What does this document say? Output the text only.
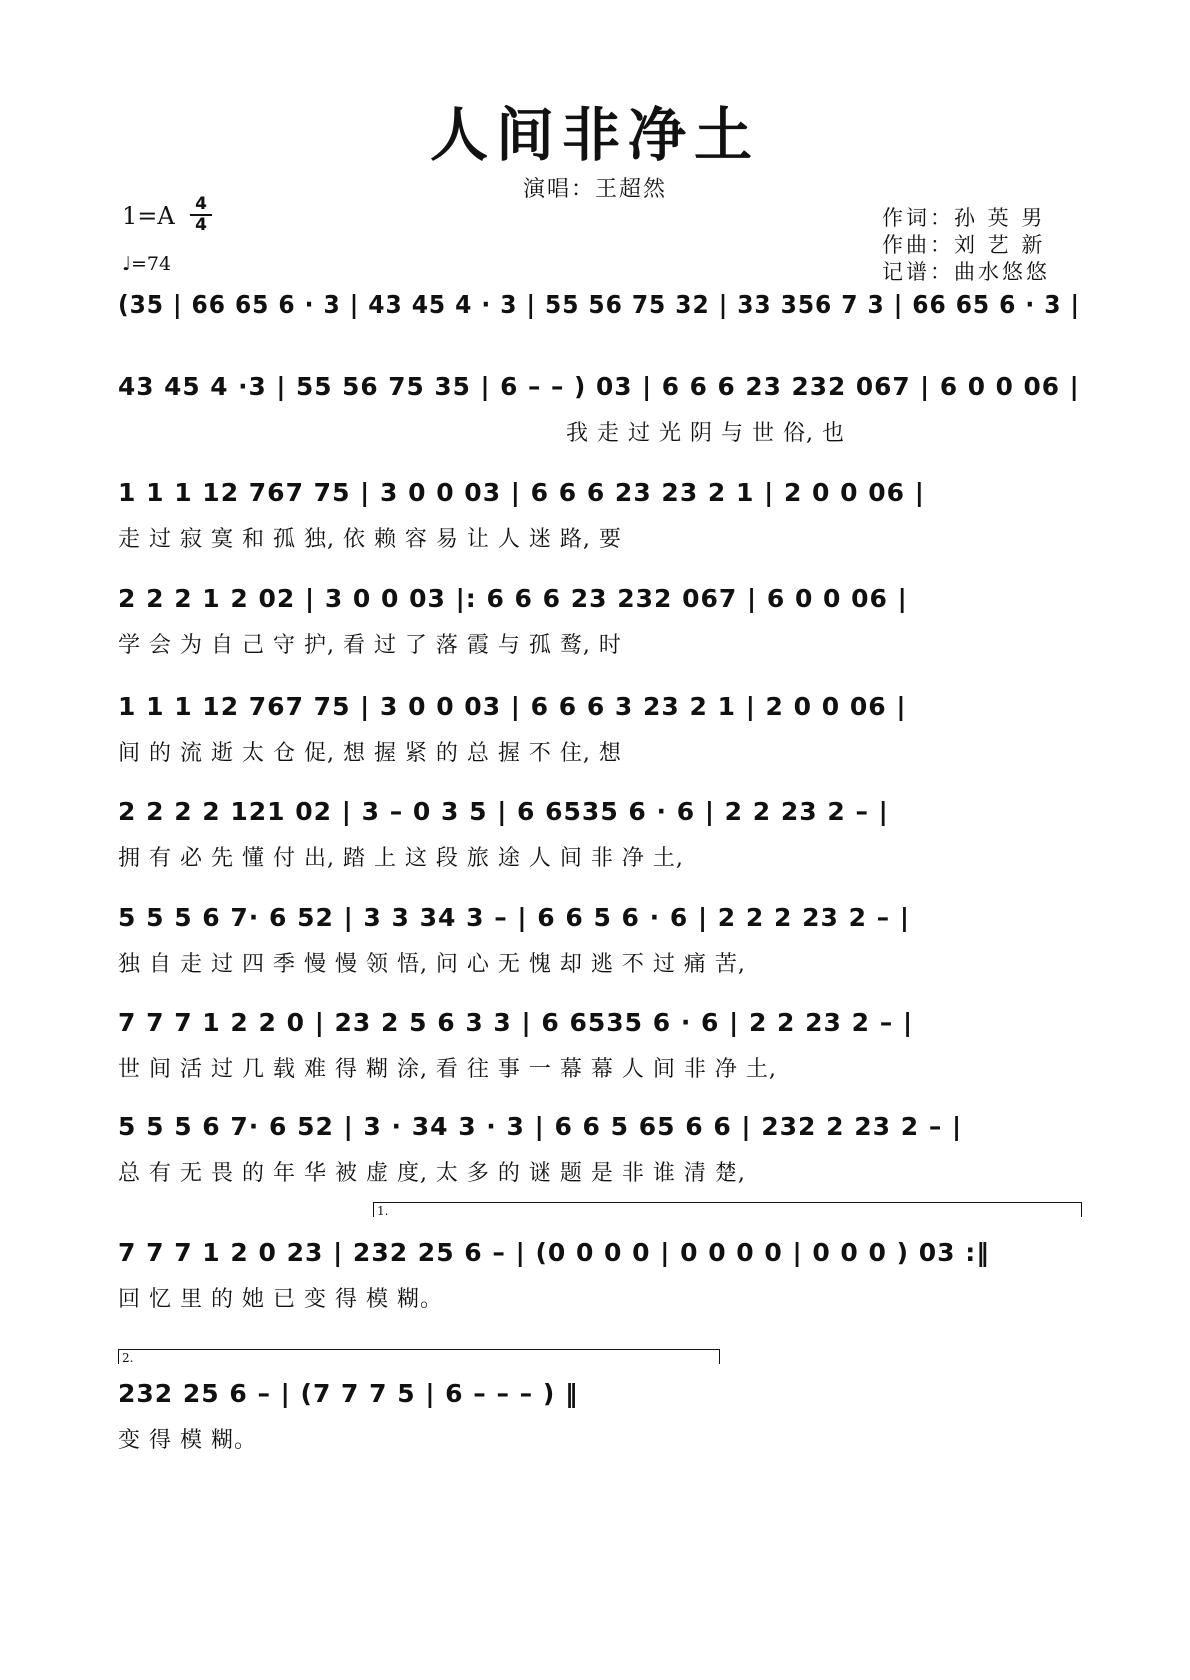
人间非净土
演唱：王超然
1=A 4
4
♩=74
作词：孙 英 男
作曲：刘 艺 新
记谱：曲水悠悠
(35 | 66 65 6 · 3 | 43 45 4 · 3 | 55 56 75 32 | 33 356 7 3 | 66 65 6 · 3 |
43 45 4 ·3 | 55 56 75 35 | 6 – – ) 03 | 6 6 6 23 232 067 | 6 0 0 06 |
我 走 过 光 阴 与 世 俗, 也
1 1 1 12 767 75 | 3 0 0 03 | 6 6 6 23 23 2 1 | 2 0 0 06 |
走 过 寂 寞 和 孤 独, 依 赖 容 易 让 人 迷 路, 要
2 2 2 1 2 02 | 3 0 0 03 |: 6 6 6 23 232 067 | 6 0 0 06 |
学 会 为 自 己 守 护, 看 过 了 落 霞 与 孤 鹜, 时
1 1 1 12 767 75 | 3 0 0 03 | 6 6 6 3 23 2 1 | 2 0 0 06 |
间 的 流 逝 太 仓 促, 想 握 紧 的 总 握 不 住, 想
2 2 2 2 121 02 | 3 – 0 3 5 | 6 6535 6 · 6 | 2 2 23 2 – |
拥 有 必 先 懂 付 出, 踏 上 这 段 旅 途 人 间 非 净 土,
5 5 5 6 7· 6 52 | 3 3 34 3 – | 6 6 5 6 · 6 | 2 2 2 23 2 – |
独 自 走 过 四 季 慢 慢 领 悟, 问 心 无 愧 却 逃 不 过 痛 苦,
7 7 7 1 2 2 0 | 23 2 5 6 3 3 | 6 6535 6 · 6 | 2 2 23 2 – |
世 间 活 过 几 载 难 得 糊 涂, 看 往 事 一 幕 幕 人 间 非 净 土,
5 5 5 6 7· 6 52 | 3 · 34 3 · 3 | 6 6 5 65 6 6 | 232 2 23 2 – |
总 有 无 畏 的 年 华 被 虚 度, 太 多 的 谜 题 是 非 谁 清 楚,
1.
7 7 7 1 2 0 23 | 232 25 6 – | (0 0 0 0 | 0 0 0 0 | 0 0 0 ) 03 :‖
回 忆 里 的 她 已 变 得 模 糊。
2.
232 25 6 – | (7 7 7 5 | 6 – – – ) ‖
变 得 模 糊。
